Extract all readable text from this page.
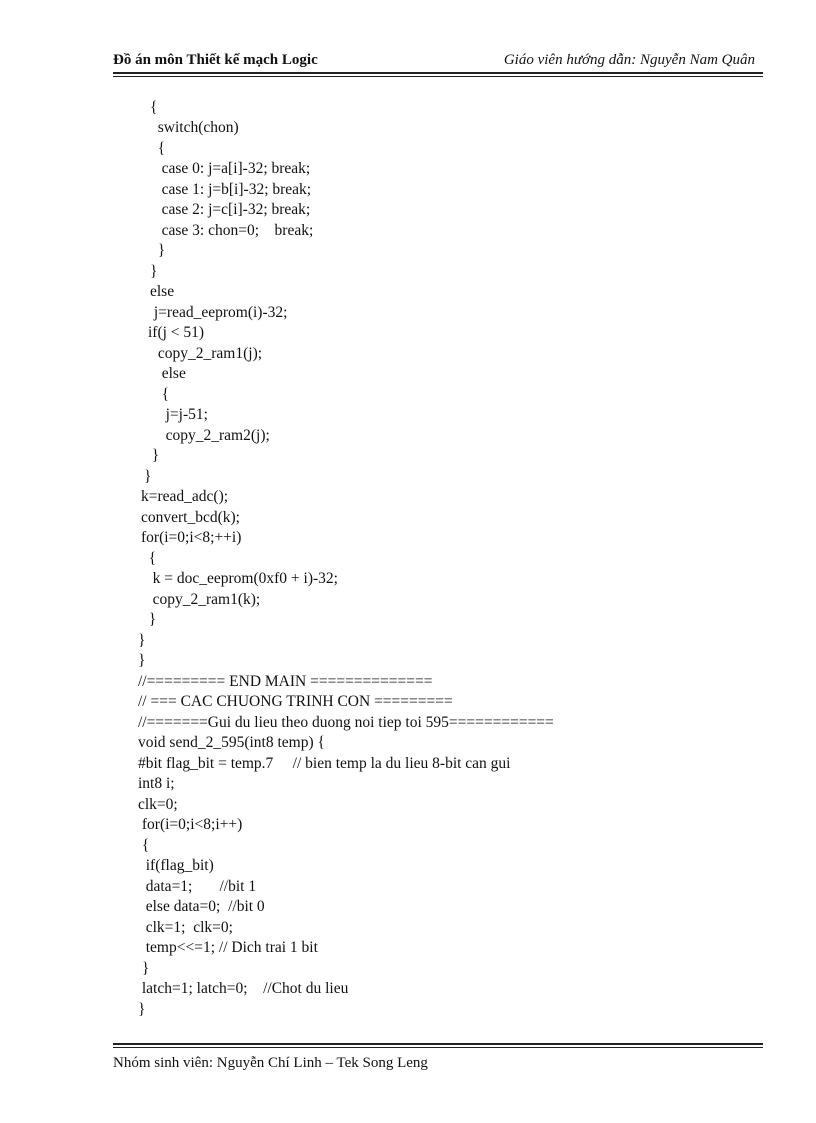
Đồ án môn Thiết kế mạch Logic	Giáo viên hướng dẫn: Nguyễn Nam Quân
{
switch(chon)
{
case 0: j=a[i]-32; break;
case 1: j=b[i]-32; break;
case 2: j=c[i]-32; break;
case 3: chon=0;    break;
}
}
else
j=read_eeprom(i)-32;
if(j < 51)
copy_2_ram1(j);
else
{
j=j-51;
copy_2_ram2(j);
}
}
k=read_adc();
convert_bcd(k);
for(i=0;i<8;++i)
{
k = doc_eeprom(0xf0 + i)-32;
copy_2_ram1(k);
}
}
}
//========= END MAIN ==============
// === CAC CHUONG TRINH CON =========
//=======Gui du lieu theo duong noi tiep toi 595============
void send_2_595(int8 temp) {
#bit flag_bit = temp.7     // bien temp la du lieu 8-bit can gui
int8 i;
clk=0;
for(i=0;i<8;i++)
{
if(flag_bit)
data=1;       //bit 1
else data=0;  //bit 0
clk=1;  clk=0;
temp<<=1; // Dich trai 1 bit
}
latch=1; latch=0;    //Chot du lieu
}
Nhóm sinh viên: Nguyễn Chí Linh – Tek Song Leng
